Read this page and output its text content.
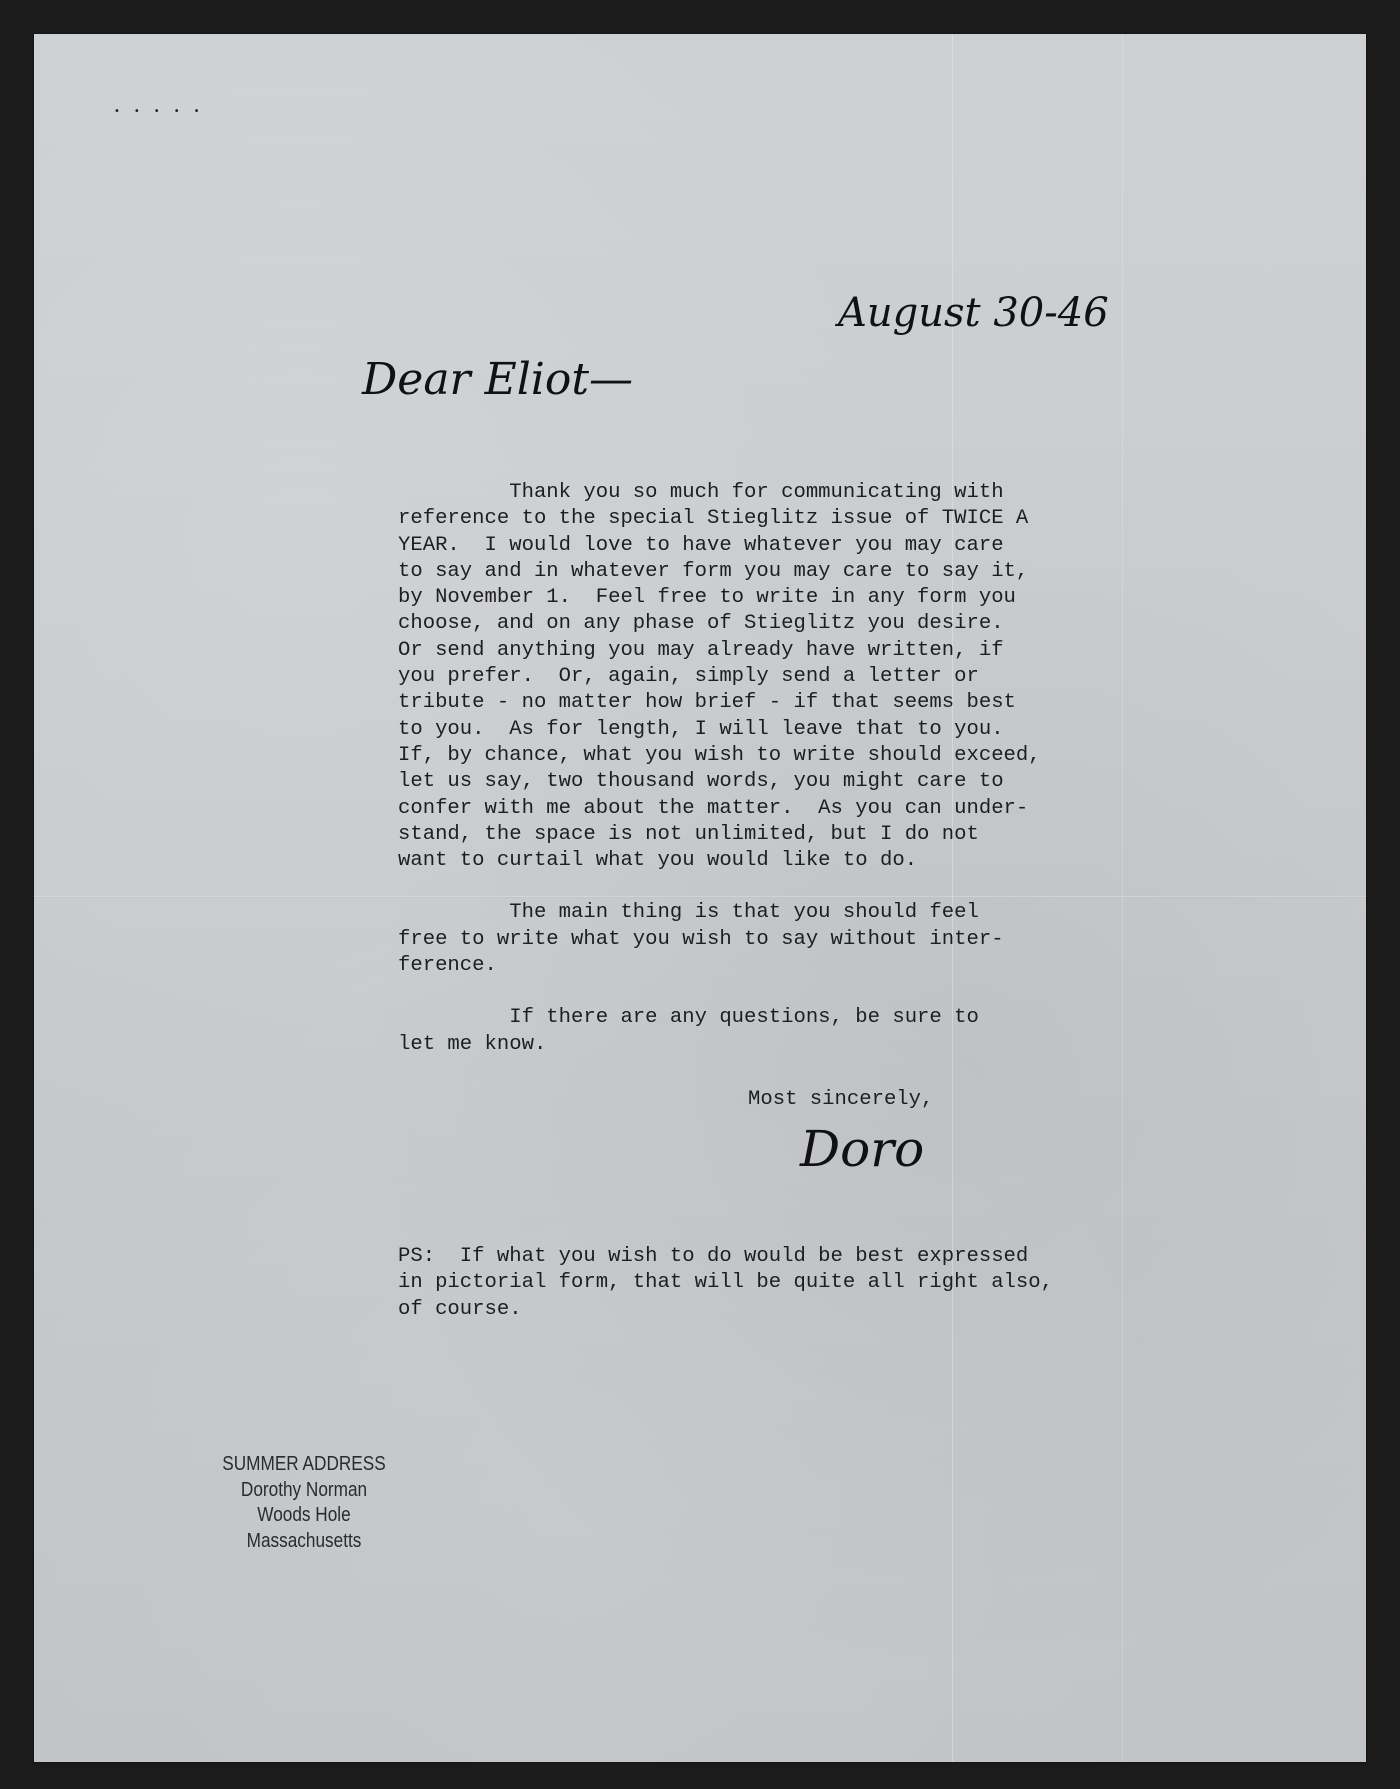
•••••
August 30-46
Dear Eliot—

Thank you so much for communicating with

reference to the special Stieglitz issue of TWICE A

YEAR.  I would love to have whatever you may care

to say and in whatever form you may care to say it,

by November 1.  Feel free to write in any form you

choose, and on any phase of Stieglitz you desire.

Or send anything you may already have written, if

you prefer.  Or, again, simply send a letter or

tribute - no matter how brief - if that seems best

to you.  As for length, I will leave that to you.

If, by chance, what you wish to write should exceed,

let us say, two thousand words, you might care to

confer with me about the matter.  As you can under-

stand, the space is not unlimited, but I do not

want to curtail what you would like to do.

The main thing is that you should feel

free to write what you wish to say without inter-

ference.

If there are any questions, be sure to

let me know.

Most sincerely,
Doro

PS:  If what you wish to do would be best expressed

in pictorial form, that will be quite all right also,

of course.

SUMMER ADDRESS
Dorothy Norman
Woods Hole
Massachusetts
